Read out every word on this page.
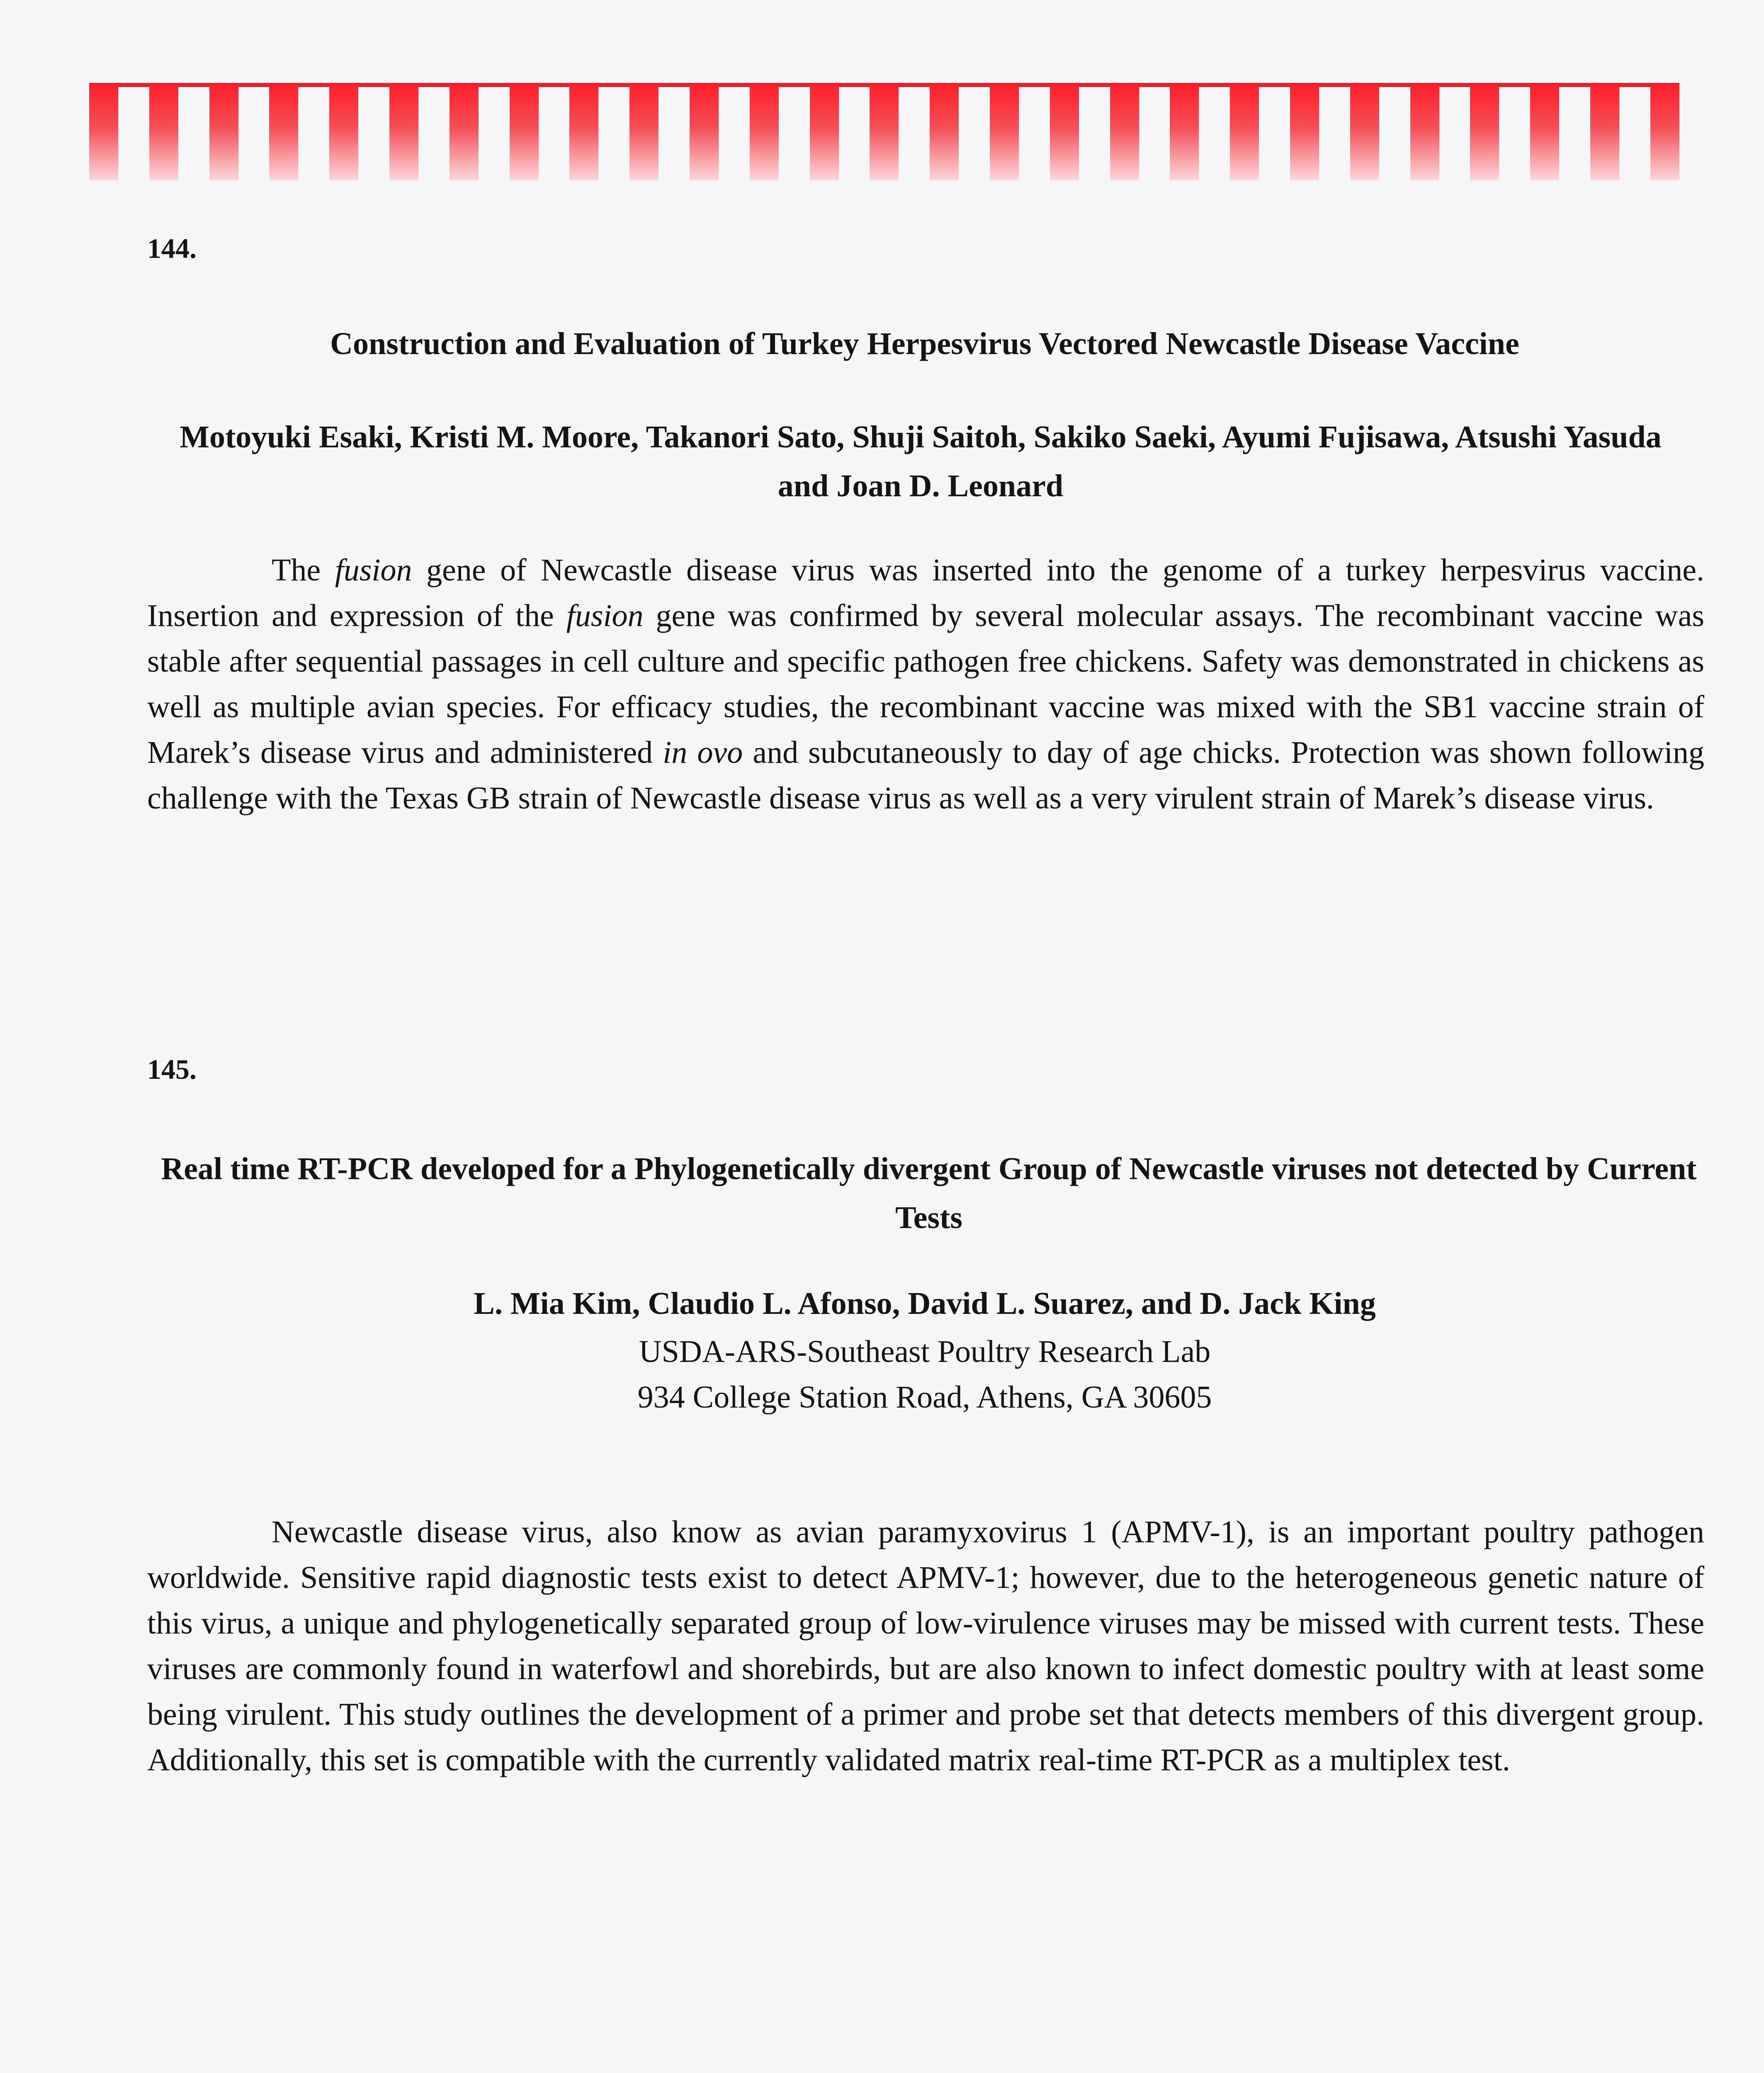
144.
Construction and Evaluation of Turkey Herpesvirus Vectored Newcastle Disease Vaccine
Motoyuki Esaki, Kristi M. Moore, Takanori Sato, Shuji Saitoh, Sakiko Saeki, Ayumi Fujisawa, Atsushi Yasuda and Joan D. Leonard

The fusion gene of Newcastle disease virus was inserted into the genome of a turkey herpesvirus vaccine. Insertion and expression of the fusion gene was confirmed by several molecular assays. The recombinant vaccine was stable after sequential passages in cell culture and specific pathogen free chickens. Safety was demonstrated in chickens as well as multiple avian species. For efficacy studies, the recombinant vaccine was mixed with the SB1 vaccine strain of Marek’s disease virus and administered in ovo and subcutaneously to day of age chicks. Protection was shown following challenge with the Texas GB strain of Newcastle disease virus as well as a very virulent strain of Marek’s disease virus.

145.
Real time RT-PCR developed for a Phylogenetically divergent Group of Newcastle viruses not detected by Current Tests
L. Mia Kim, Claudio L. Afonso, David L. Suarez, and D. Jack King
USDA-ARS-Southeast Poultry Research Lab
934 College Station Road, Athens, GA 30605

Newcastle disease virus, also know as avian paramyxovirus 1 (APMV-1), is an important poultry pathogen worldwide. Sensitive rapid diagnostic tests exist to detect APMV-1; however, due to the heterogeneous genetic nature of this virus, a unique and phylogenetically separated group of low-virulence viruses may be missed with current tests. These viruses are commonly found in waterfowl and shorebirds, but are also known to infect domestic poultry with at least some being virulent. This study outlines the development of a primer and probe set that detects members of this divergent group. Additionally, this set is compatible with the currently validated matrix real-time RT-PCR as a multiplex test.
